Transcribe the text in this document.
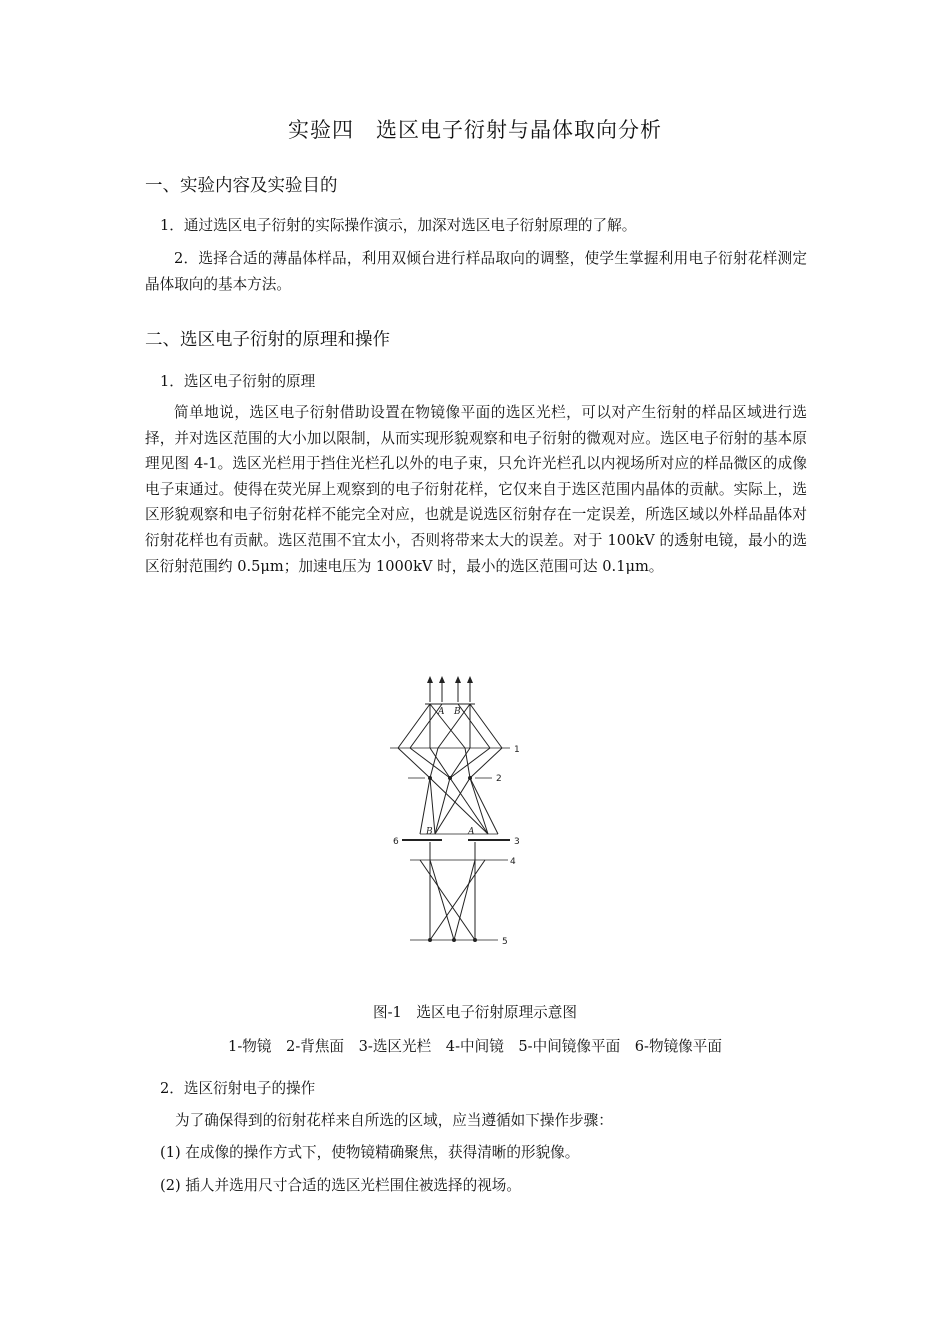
实验四　选区电子衍射与晶体取向分析
一、实验内容及实验目的
1．通过选区电子衍射的实际操作演示，加深对选区电子衍射原理的了解。
2．选择合适的薄晶体样品，利用双倾台进行样品取向的调整，使学生掌握利用电子衍射花样测定晶体取向的基本方法。
二、选区电子衍射的原理和操作
1．选区电子衍射的原理
简单地说，选区电子衍射借助设置在物镜像平面的选区光栏，可以对产生衍射的样品区域进行选择，并对选区范围的大小加以限制，从而实现形貌观察和电子衍射的微观对应。选区电子衍射的基本原理见图 4-1。选区光栏用于挡住光栏孔以外的电子束，只允许光栏孔以内视场所对应的样品微区的成像电子束通过。使得在荧光屏上观察到的电子衍射花样，它仅来自于选区范围内晶体的贡献。实际上，选区形貌观察和电子衍射花样不能完全对应，也就是说选区衍射存在一定误差，所选区域以外样品晶体对衍射花样也有贡献。选区范围不宜太小，否则将带来太大的误差。对于 100kV 的透射电镜，最小的选区衍射范围约 0.5μm；加速电压为 1000kV 时，最小的选区范围可达 0.1μm。
A B
1
2
3
4
5
6
B	A
图-1　选区电子衍射原理示意图
1-物镜　2-背焦面　3-选区光栏　4-中间镜　5-中间镜像平面　6-物镜像平面
2．选区衍射电子的操作
为了确保得到的衍射花样来自所选的区域，应当遵循如下操作步骤：
(1) 在成像的操作方式下，使物镜精确聚焦，获得清晰的形貌像。
(2) 插人并选用尺寸合适的选区光栏围住被选择的视场。
